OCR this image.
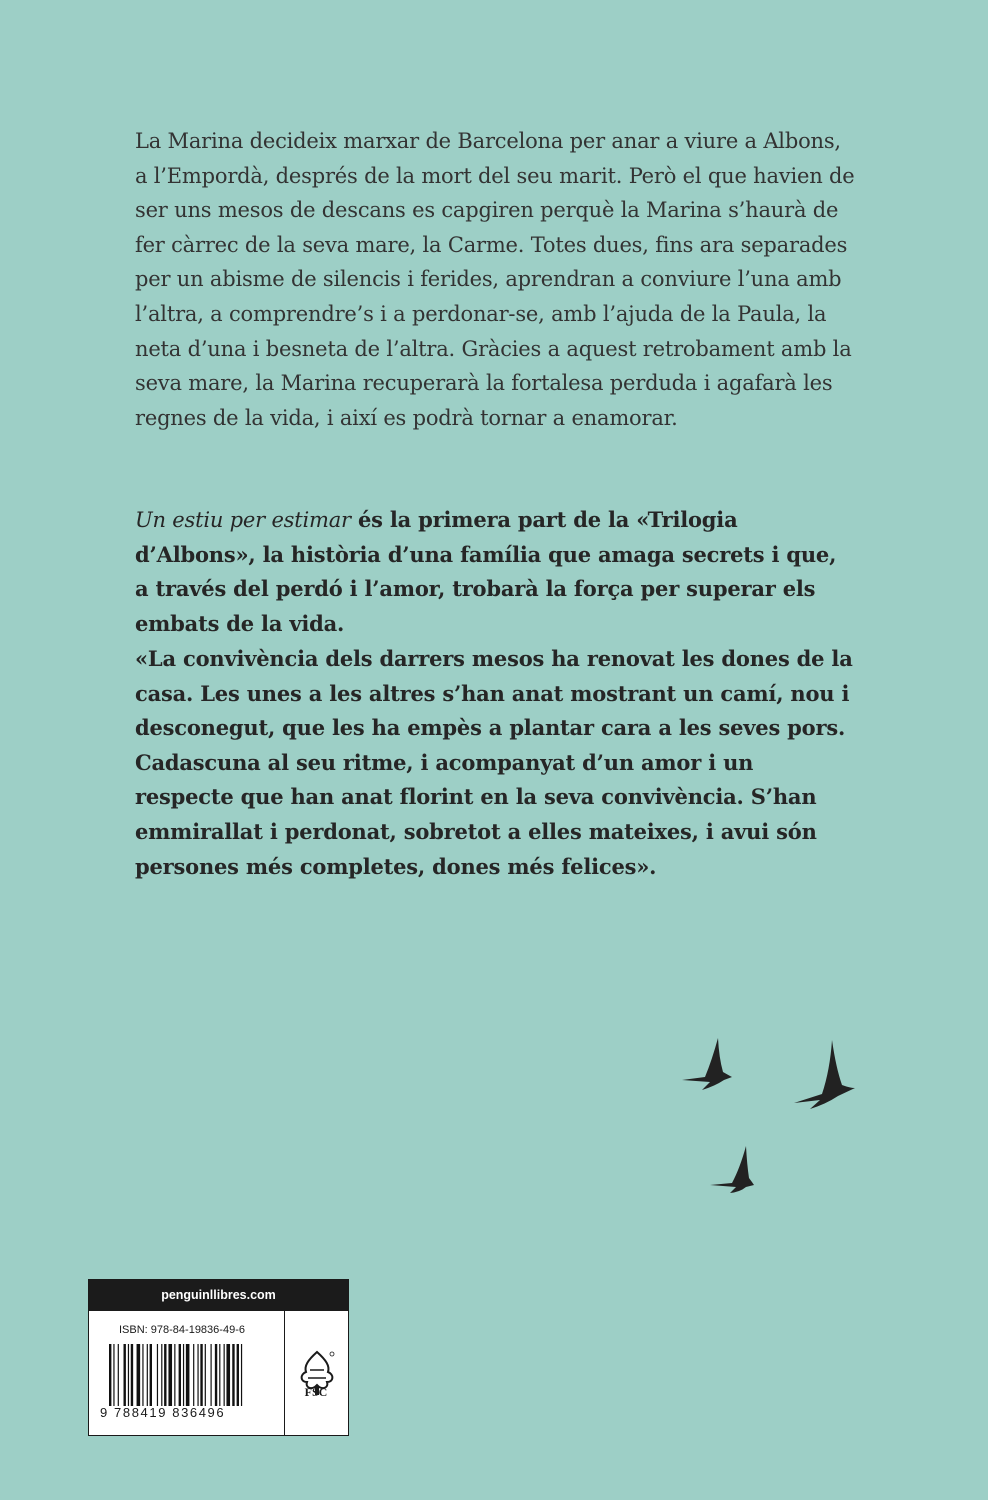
La Marina decideix marxar de Barcelona per anar a viure a Albons, a l’Empordà, després de la mort del seu marit. Però el que havien de ser uns mesos de descans es capgiren perquè la Marina s’haurà de fer càrrec de la seva mare, la Carme. Totes dues, fins ara separades per un abisme de silencis i ferides, aprendran a conviure l’una amb l’altra, a comprendre’s i a perdonar-se, amb l’ajuda de la Paula, la neta d’una i besneta de l’altra. Gràcies a aquest retrobament amb la seva mare, la Marina recuperarà la fortalesa perduda i agafarà les regnes de la vida, i així es podrà tornar a enamorar.

Un estiu per estimar és la primera part de la «Trilogia d’Albons», la història d’una família que amaga secrets i que, a través del perdó i l’amor, trobarà la força per superar els embats de la vida.

«La convivència dels darrers mesos ha renovat les dones de la casa. Les unes a les altres s’han anat mostrant un camí, nou i desconegut, que les ha empès a plantar cara a les seves pors. Cadascuna al seu ritme, i acompanyat d’un amor i un respecte que han anat florint en la seva convivència. S’han emmirallat i perdonat, sobretot a elles mateixes, i avui són persones més completes, dones més felices».

penguinllibres.com
ISBN: 978-84-19836-49-6
9 788419 836496
FSC
